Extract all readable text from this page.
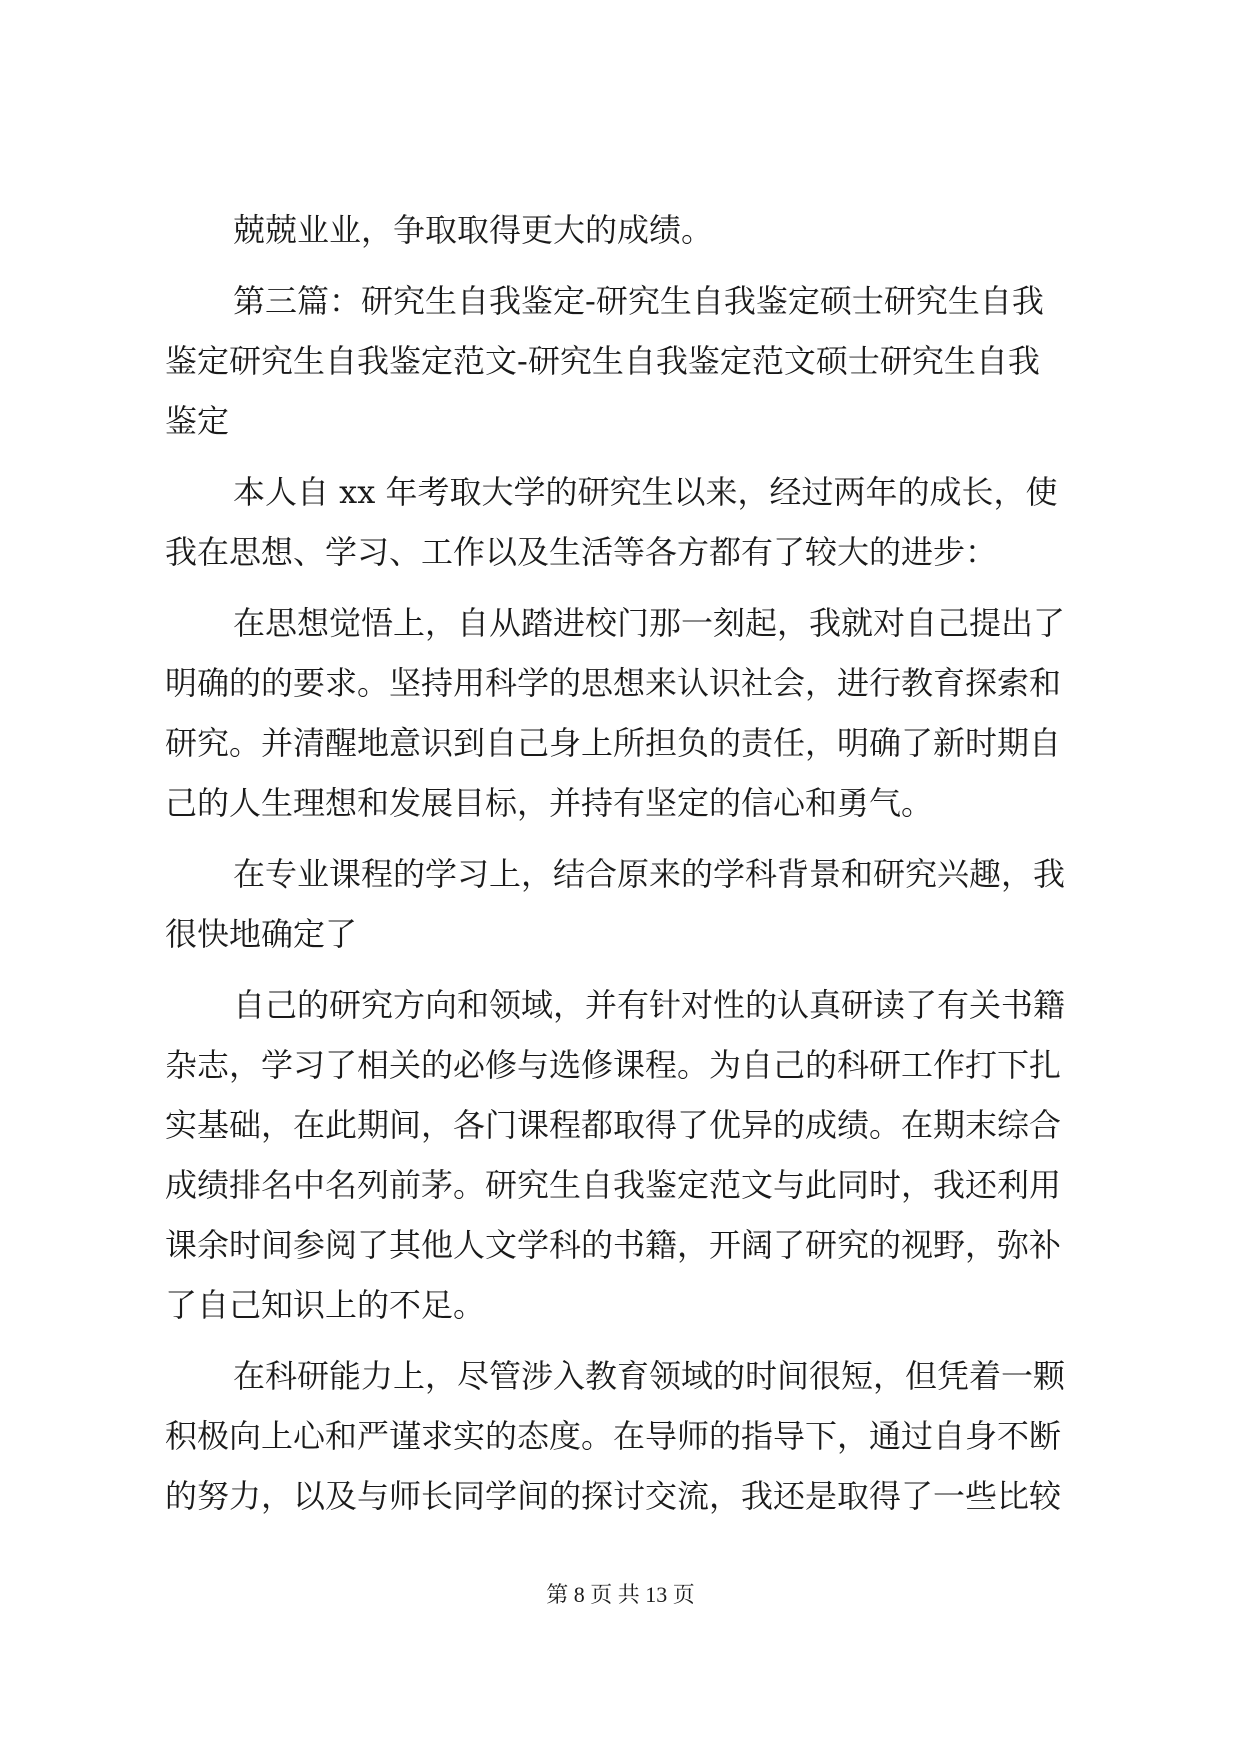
兢兢业业，争取取得更大的成绩。
第三篇：研究生自我鉴定-研究生自我鉴定硕士研究生自我
鉴定研究生自我鉴定范文-研究生自我鉴定范文硕士研究生自我
鉴定
本人自 xx 年考取大学的研究生以来，经过两年的成长，使
我在思想、学习、工作以及生活等各方都有了较大的进步：
在思想觉悟上，自从踏进校门那一刻起，我就对自己提出了
明确的的要求。坚持用科学的思想来认识社会，进行教育探索和
研究。并清醒地意识到自己身上所担负的责任，明确了新时期自
己的人生理想和发展目标，并持有坚定的信心和勇气。
在专业课程的学习上，结合原来的学科背景和研究兴趣，我
很快地确定了
自己的研究方向和领域，并有针对性的认真研读了有关书籍
杂志，学习了相关的必修与选修课程。为自己的科研工作打下扎
实基础，在此期间，各门课程都取得了优异的成绩。在期末综合
成绩排名中名列前茅。研究生自我鉴定范文与此同时，我还利用
课余时间参阅了其他人文学科的书籍，开阔了研究的视野，弥补
了自己知识上的不足。
在科研能力上，尽管涉入教育领域的时间很短，但凭着一颗
积极向上心和严谨求实的态度。在导师的指导下，通过自身不断
的努力，以及与师长同学间的探讨交流，我还是取得了一些比较
第 8 页 共 13 页
